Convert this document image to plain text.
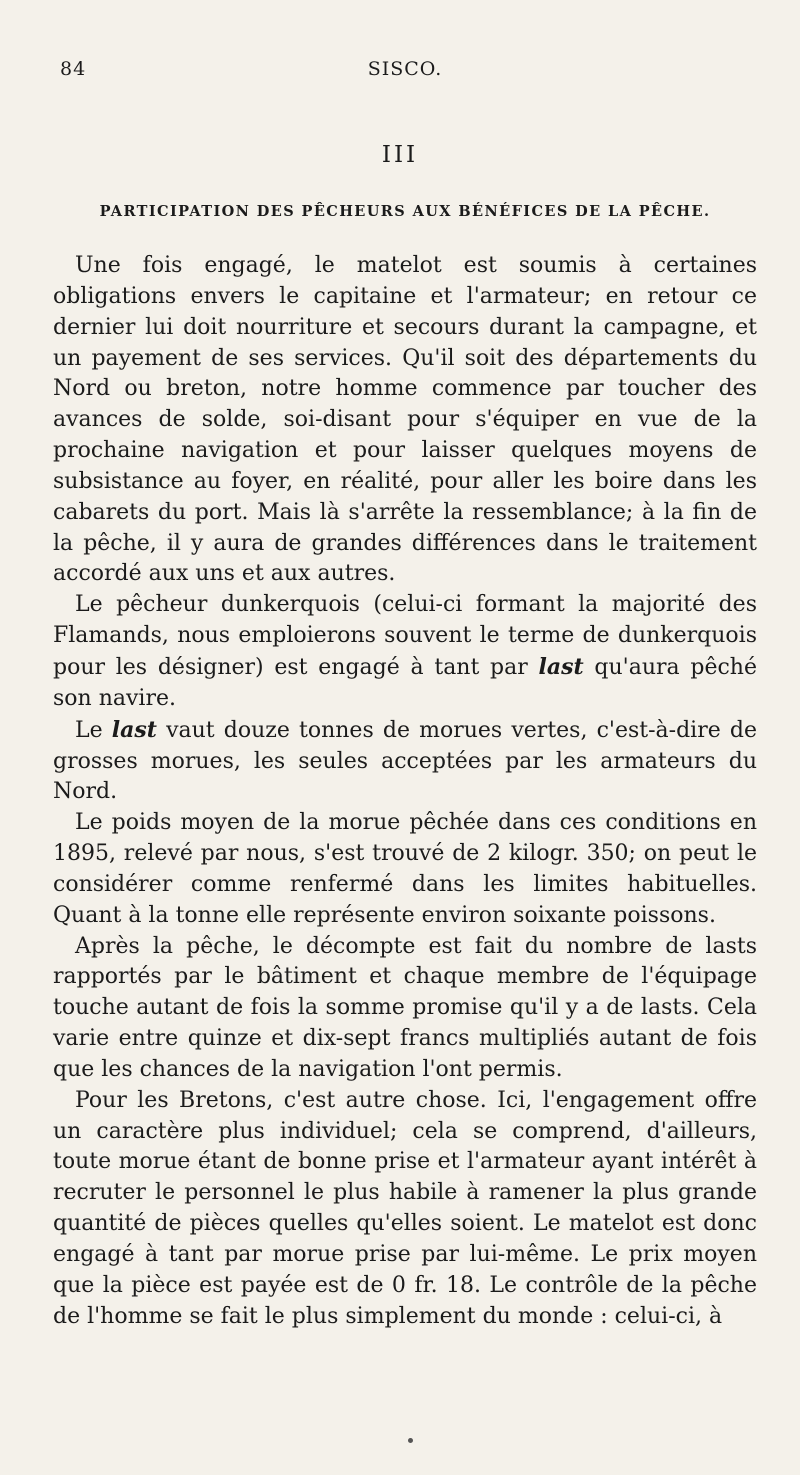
84	SISCO.
III
PARTICIPATION DES PÊCHEURS AUX BÉNÉFICES DE LA PÊCHE.

Une fois engagé, le matelot est soumis à certaines obligations envers le capitaine et l'armateur; en retour ce dernier lui doit nourriture et secours durant la campagne, et un payement de ses services. Qu'il soit des départements du Nord ou breton, notre homme commence par toucher des avances de solde, soi-disant pour s'équiper en vue de la prochaine navigation et pour laisser quelques moyens de subsistance au foyer, en réalité, pour aller les boire dans les cabarets du port. Mais là s'arrête la ressemblance; à la fin de la pêche, il y aura de grandes différences dans le traitement accordé aux uns et aux autres.

Le pêcheur dunkerquois (celui-ci formant la majorité des Flamands, nous emploierons souvent le terme de dunkerquois pour les désigner) est engagé à tant par last qu'aura pêché son navire.

Le last vaut douze tonnes de morues vertes, c'est-à-dire de grosses morues, les seules acceptées par les armateurs du Nord.

Le poids moyen de la morue pêchée dans ces conditions en 1895, relevé par nous, s'est trouvé de 2 kilogr. 350; on peut le considérer comme renfermé dans les limites habituelles. Quant à la tonne elle représente environ soixante poissons.

Après la pêche, le décompte est fait du nombre de lasts rapportés par le bâtiment et chaque membre de l'équipage touche autant de fois la somme promise qu'il y a de lasts. Cela varie entre quinze et dix-sept francs multipliés autant de fois que les chances de la navigation l'ont permis.

Pour les Bretons, c'est autre chose. Ici, l'engagement offre un caractère plus individuel; cela se comprend, d'ailleurs, toute morue étant de bonne prise et l'armateur ayant intérêt à recruter le personnel le plus habile à ramener la plus grande quantité de pièces quelles qu'elles soient. Le matelot est donc engagé à tant par morue prise par lui-même. Le prix moyen que la pièce est payée est de 0 fr. 18. Le contrôle de la pêche de l'homme se fait le plus simplement du monde : celui-ci, à
